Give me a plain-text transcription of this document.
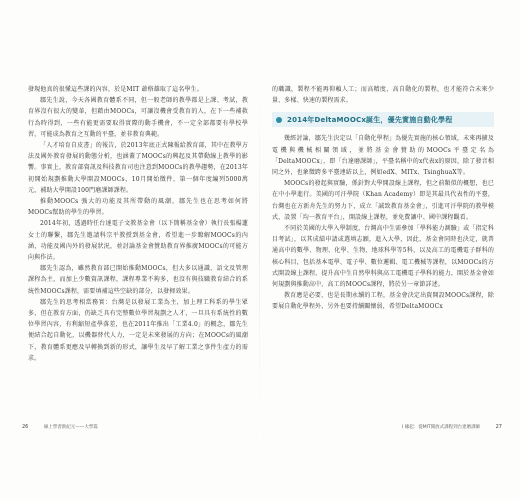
發現他真的很懂這些課的內容，於是MIT 爺格雄取了這名學生。

鄒先生說，今天各國教育體系不同，但一般老師的教學都是上課、考試，教育界沒有很大的變革，但藉由MOOCs，可讓沒機會受教育的人，在下一些補救行為時得到，一些有能更需要取得實際的動手機會，不一定全部都要有學校學習，可能成為教育之互動的平臺，並非教育典範。

「人才培育自皮書」的報告，於2013年底正式陳報給教育部，其中在教學方法及國外教育發展的動態分析，也涵蓋了MOOCs的興起及其帶動線上教學的影響。事實上，教育部資訊及科技教育司也注意到MOOCs的教學趨勢，在2013年初開始規劃推動大學開設MOOCs，10月開始徵件，第一個年度編列5000萬元，補助大學開設100門磨課師課程。

推動MOOCs 強大的功能及其所帶動的風潮，鄒先生也在思考如何將MOOCs幫助的學生的學習。

2014年初，透過時任台達電子文教基金會（以下簡稱基金會）執行長張楊蓮女士的聯繫，鄒先生邀請科宗平教授到基金會，希望進一步瞭解MOOCs的內涵，功能及國內外的發展狀況，並討論基金會贊助教育界推廣MOOCs的可能方向與作法。

鄒先生認為，雖然教育部已開始推動MOOCs，但大多以通識、語文及管理課程為主，而加上少數資訊課程，課程專業不夠多，也沒有與技職教育結合的系統性MOOCs課程，需要填補這些空缺的部分，以發揮效果。

鄒先生的思考相當務實：台灣是以發展工業為主，加上理工科系的學生眾多，但在教育方面，仍缺乏具有完整數位學習規劃之人才，一旦具有系統性的數位學習內容，有利縮短產學落差，也在2011年推出「工業4.0」的概念，鄒先生便結合起自動化，以機器替代人力，一定是未來發展的方向；在MOOCs的風潮下，教育體系更應及早轉換到新的形式，讓學生及早了解工業之事件生產力的需求。

的職識，製程不能再仰賴人工；而高精度、高自動化的製程，也才能符合未來少量、多樣、快速的製程需求。

2014年DeltaMOOCx誕生，優先實施自動化學程

幾經討論，鄒先生決定以「自動化學程」為優先實施的核心領域，未來再擴及電機與機械相關領域，並將基金會贊助的MOOCs平臺定名為「DeltaMOOCx」，即「台達磨課師」，平臺名稱中的x代表x的原因，除了發音相同之外，也象徵跨多平臺連結以上，例如edX、MITx、TsinghuaX等。

MOOCs的發起與實驗，係針對大學開設線上課程，但之前類似的概想，也已在中小學進行。美國的可汗學院（Khan Academy）即是其最具代表性的平臺，台灣也在方新舟先生的努力下，成立「誠致教育基金會」，引進可汗學院的教學模式，設置「均一教育平台」，開設線上課程，並免費讓中、國中課程觀看。

不同於美國的大學入學制度，台灣高中生需參加「學科能力測驗」或「指定科目考試」，以其成績申請或選填志願，進入大學，因此，基金會同時也決定，就普通高中的數學、物理、化學、生物、地球科學等5科，以及高工的電機電子群科的核心科目，包括基本電學、電子學、數位邏輯、電工機械等課程，以MOOCs的方式開設線上課程，提升高中生自然學科與高工電機電子學科的能力，開於基金會如何規劃與推動高中、高工的MOOCs課程，將於另一章節詳述。

教育應是必要，也是長期永續的工程，基金會決定出資開設MOOCs課程，除要展自動化學程外，另外也要持續關懷弱，希望DeltaMOOCx

26	線上學習新紀元——大學篇	I 緣起：從MIT開放式課程到台達磨課師	27
